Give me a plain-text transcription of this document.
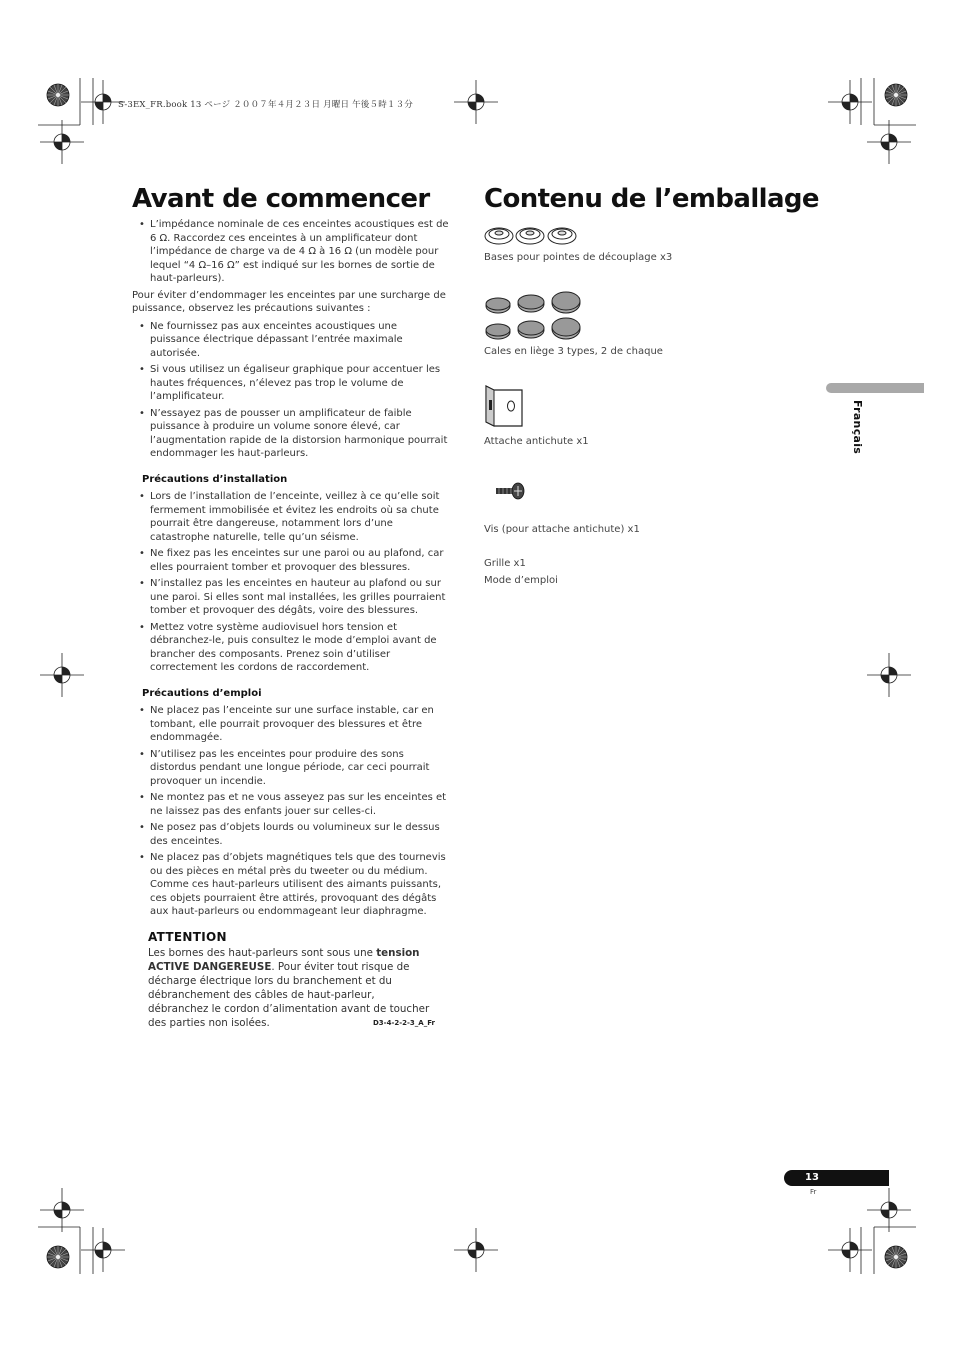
S-3EX_FR.book 13 ページ ２００７年４月２３日 月曜日 午後５時１３分
Avant de commencer
• L’impédance nominale de ces enceintes acoustiques est de 6 Ω. Raccordez ces enceintes à un amplificateur dont l’impédance de charge va de 4 Ω à 16 Ω (un modèle pour lequel “4 Ω–16 Ω” est indiqué sur les bornes de sortie de haut-parleurs).

Pour éviter d’endommager les enceintes par une surcharge de puissance, observez les précautions suivantes :

• Ne fournissez pas aux enceintes acoustiques une puissance électrique dépassant l’entrée maximale autorisée.
• Si vous utilisez un égaliseur graphique pour accentuer les hautes fréquences, n’élevez pas trop le volume de l’amplificateur.
• N’essayez pas de pousser un amplificateur de faible puissance à produire un volume sonore élevé, car l’augmentation rapide de la distorsion harmonique pourrait endommager les haut-parleurs.
Précautions d’installation
• Lors de l’installation de l’enceinte, veillez à ce qu’elle soit fermement immobilisée et évitez les endroits où sa chute pourrait être dangereuse, notamment lors d’une catastrophe naturelle, telle qu’un séisme.
• Ne fixez pas les enceintes sur une paroi ou au plafond, car elles pourraient tomber et provoquer des blessures.
• N’installez pas les enceintes en hauteur au plafond ou sur une paroi. Si elles sont mal installées, les grilles pourraient tomber et provoquer des dégâts, voire des blessures.
• Mettez votre système audiovisuel hors tension et débranchez-le, puis consultez le mode d’emploi avant de brancher des composants. Prenez soin d’utiliser correctement les cordons de raccordement.
Précautions d’emploi
• Ne placez pas l’enceinte sur une surface instable, car en tombant, elle pourrait provoquer des blessures et être endommagée.
• N’utilisez pas les enceintes pour produire des sons distordus pendant une longue période, car ceci pourrait provoquer un incendie.
• Ne montez pas et ne vous asseyez pas sur les enceintes et ne laissez pas des enfants jouer sur celles-ci.
• Ne posez pas d’objets lourds ou volumineux sur le dessus des enceintes.
• Ne placez pas d’objets magnétiques tels que des tournevis ou des pièces en métal près du tweeter ou du médium. Comme ces haut-parleurs utilisent des aimants puissants, ces objets pourraient être attirés, provoquant des dégâts aux haut-parleurs ou endommageant leur diaphragme.
ATTENTION
Les bornes des haut-parleurs sont sous une tension ACTIVE DANGEREUSE. Pour éviter tout risque de décharge électrique lors du branchement et du débranchement des câbles de haut-parleur, débranchez le cordon d’alimentation avant de toucher des parties non isolées.	D3-4-2-2-3_A_Fr
Contenu de l’emballage
Bases pour pointes de découplage x3
Cales en liège 3 types, 2 de chaque
Attache antichute x1
Vis (pour attache antichute) x1
Grille x1
Mode d’emploi
Français
13
Fr
